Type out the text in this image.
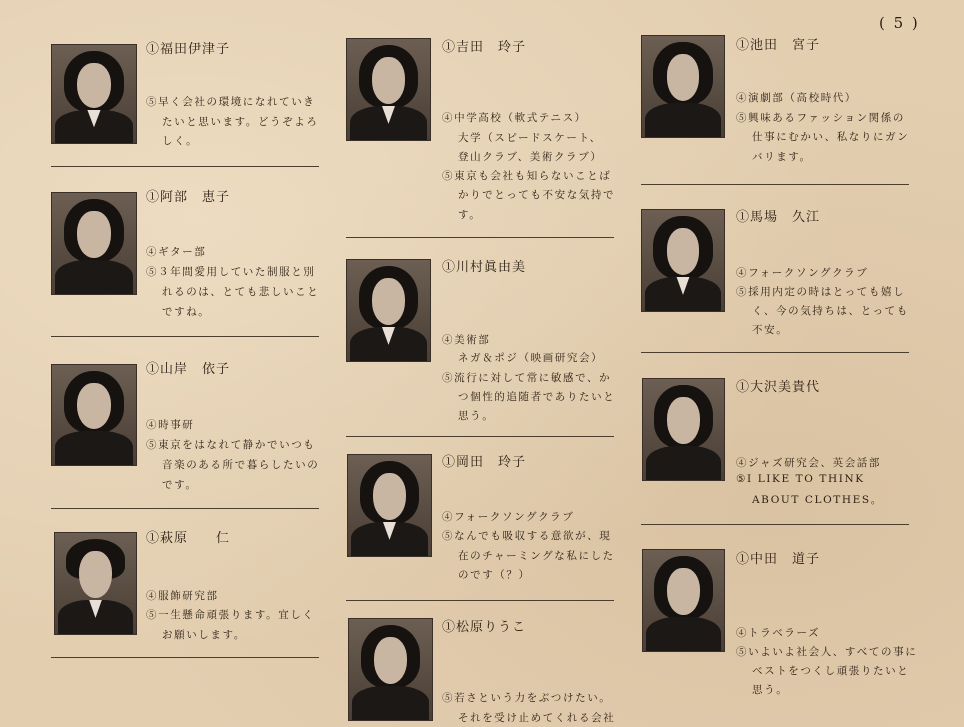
( 5 )
①福田伊津子
⑤早く会社の環境になれていき
たいと思います。どうぞよろ
しく。
①阿部　恵子
④ギター部
⑤３年間愛用していた制服と別
れるのは、とても悲しいこと
ですね。
①山岸　依子
④時事研
⑤東京をはなれて静かでいつも
音楽のある所で暮らしたいの
です。
①萩原　　仁
④服飾研究部
⑤一生懸命頑張ります。宜しく
お願いします。
①吉田　玲子
④中学高校（軟式テニス）
大学（スピードスケート、
登山クラブ、美術クラブ）
⑤東京も会社も知らないことば
かりでとっても不安な気持で
す。
①川村眞由美
④美術部
ネガ＆ポジ（映画研究会）
⑤流行に対して常に敏感で、か
つ個性的追随者でありたいと
思う。
①岡田　玲子
④フォークソングクラブ
⑤なんでも吸収する意欲が、現
在のチャーミングな私にした
のです（？）
①松原りうこ
⑤若さという力をぶつけたい。
それを受け止めてくれる会社
①池田　宮子
④演劇部（高校時代）
⑤興味あるファッション関係の
仕事にむかい、私なりにガン
バリます。
①馬場　久江
④フォークソングクラブ
⑤採用内定の時はとっても嬉し
く、今の気持ちは、とっても
不安。
①大沢美貴代
④ジャズ研究会、英会話部
⑤I LIKE TO THINK
ABOUT CLOTHES。
①中田　道子
④トラベラーズ
⑤いよいよ社会人、すべての事に
ベストをつくし頑張りたいと
思う。
